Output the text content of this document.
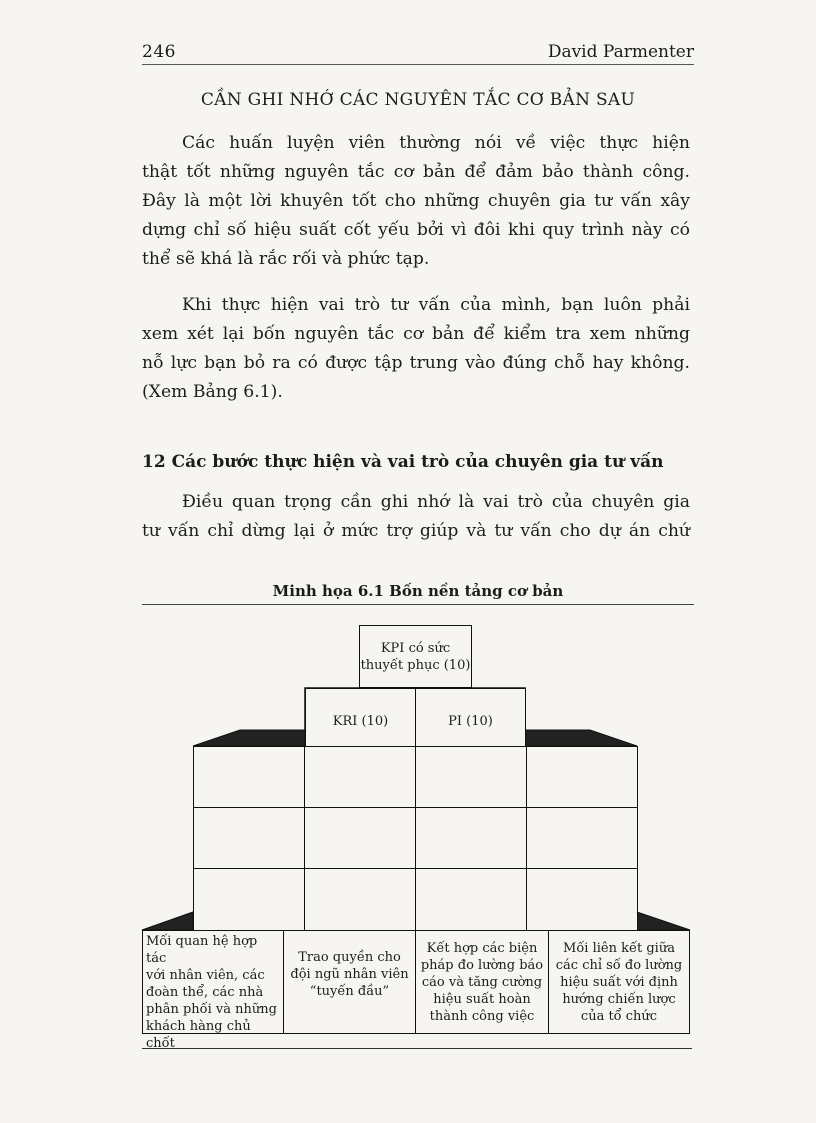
246	David Parmenter
CẦN GHI NHỚ CÁC NGUYÊN TẮC CƠ BẢN SAU

Các huấn luyện viên thường nói về việc thực hiện
thật tốt những nguyên tắc cơ bản để đảm bảo thành công.
Đây là một lời khuyên tốt cho những chuyên gia tư vấn xây
dựng chỉ số hiệu suất cốt yếu bởi vì đôi khi quy trình này có
thể sẽ khá là rắc rối và phức tạp.

Khi thực hiện vai trò tư vấn của mình, bạn luôn phải
xem xét lại bốn nguyên tắc cơ bản để kiểm tra xem những
nỗ lực bạn bỏ ra có được tập trung vào đúng chỗ hay không.
(Xem Bảng 6.1).

12 Các bước thực hiện và vai trò của chuyên gia tư vấn

Điều quan trọng cần ghi nhớ là vai trò của chuyên gia
tư vấn chỉ dừng lại ở mức trợ giúp và tư vấn cho dự án chứ

Minh họa 6.1 Bốn nền tảng cơ bản
KPI có sức
thuyết phục (10)
KRI (10)	PI (10)
Mối quan hệ hợp tác
với nhân viên, các
đoàn thể, các nhà
phân phối và những
khách hàng chủ chốt
Trao quyền cho
đội ngũ nhân viên
“tuyến đầu”
Kết hợp các biện
pháp đo lường báo
cáo và tăng cường
hiệu suất hoàn
thành công việc
Mối liên kết giữa
các chỉ số đo lường
hiệu suất với định
hướng chiến lược
của tổ chức
